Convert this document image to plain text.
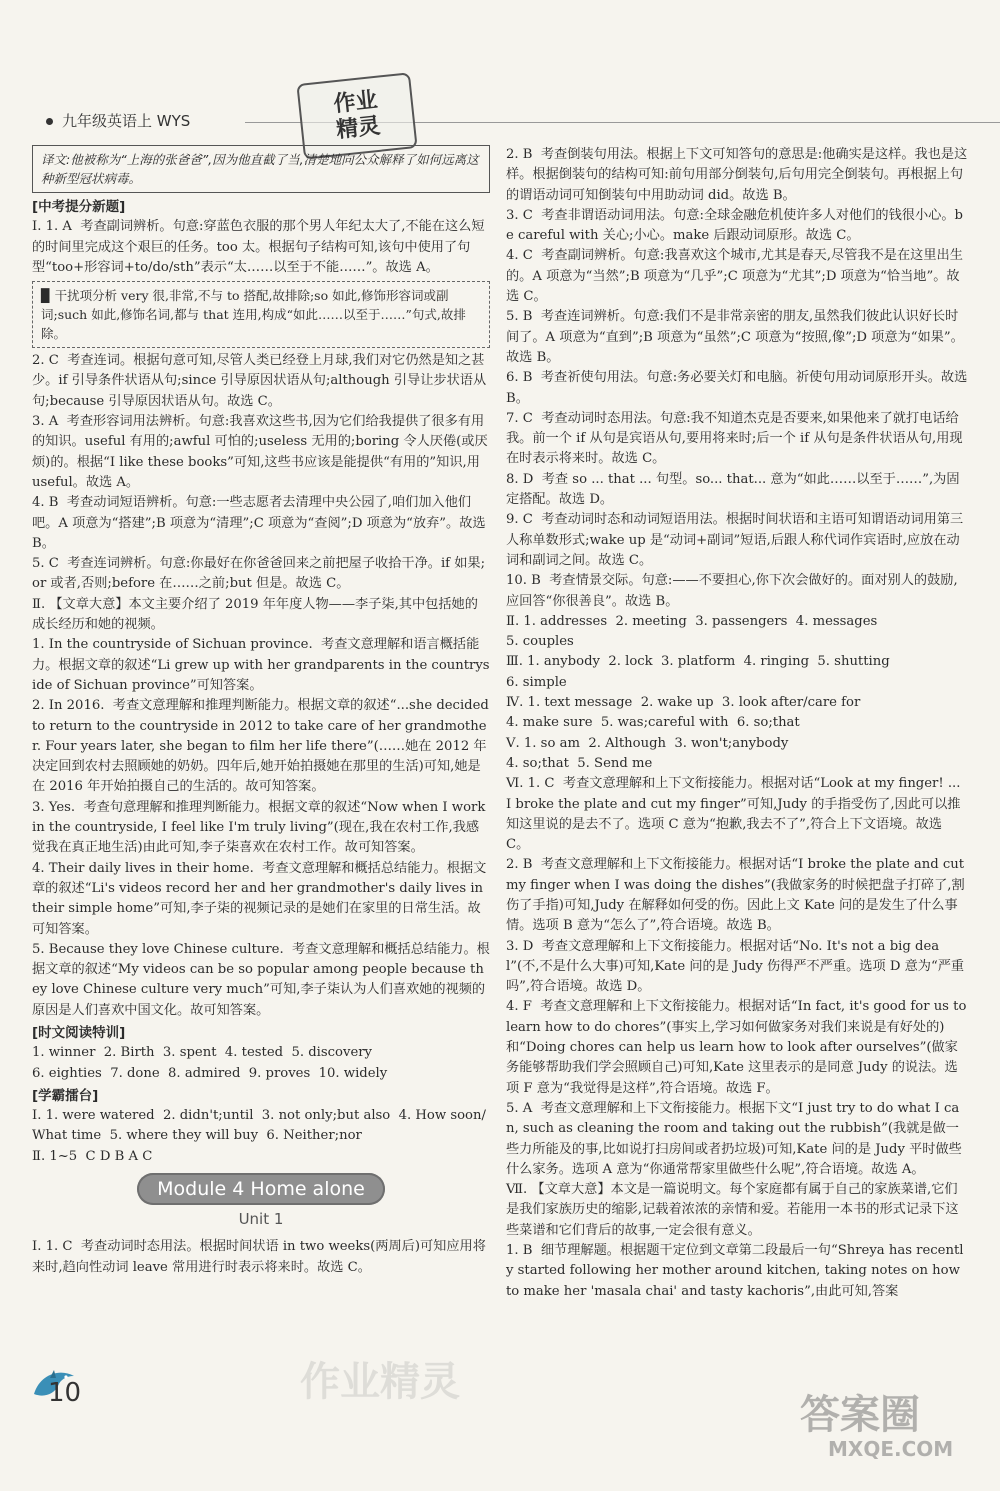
九年级英语上 WYS
作业
精灵

译文:他被称为“上海的张爸爸”,因为他直截了当,清楚地向公众解释了如何远离这种新型冠状病毒。

[中考提分新题]

Ⅰ. 1. A  考查副词辨析。句意:穿蓝色衣服的那个男人年纪太大了,不能在这么短的时间里完成这个艰巨的任务。too 太。根据句子结构可知,该句中使用了句型“too+形容词+to/do/sth”表示“太……以至于不能……”。故选 A。

▉ 干扰项分析 very 很,非常,不与 to 搭配,故排除;so 如此,修饰形容词或副词;such 如此,修饰名词,都与 that 连用,构成“如此……以至于……”句式,故排除。

2. C  考查连词。根据句意可知,尽管人类已经登上月球,我们对它仍然是知之甚少。if 引导条件状语从句;since 引导原因状语从句;although 引导让步状语从句;because 引导原因状语从句。故选 C。

3. A  考查形容词用法辨析。句意:我喜欢这些书,因为它们给我提供了很多有用的知识。useful 有用的;awful 可怕的;useless 无用的;boring 令人厌倦(或厌烦)的。根据“I like these books”可知,这些书应该是能提供“有用的”知识,用 useful。故选 A。

4. B  考查动词短语辨析。句意:一些志愿者去清理中央公园了,咱们加入他们吧。A 项意为“搭建”;B 项意为“清理”;C 项意为“查阅”;D 项意为“放弃”。故选 B。

5. C  考查连词辨析。句意:你最好在你爸爸回来之前把屋子收拾干净。if 如果;or 或者,否则;before 在……之前;but 但是。故选 C。

Ⅱ. 【文章大意】本文主要介绍了 2019 年年度人物——李子柒,其中包括她的成长经历和她的视频。

1. In the countryside of Sichuan province.  考查文意理解和语言概括能力。根据文章的叙述“Li grew up with her grandparents in the countryside of Sichuan province”可知答案。

2. In 2016.  考查文意理解和推理判断能力。根据文章的叙述“...she decided to return to the countryside in 2012 to take care of her grandmother. Four years later, she began to film her life there”(……她在 2012 年决定回到农村去照顾她的奶奶。四年后,她开始拍摄她在那里的生活)可知,她是在 2016 年开始拍摄自己的生活的。故可知答案。

3. Yes.  考查句意理解和推理判断能力。根据文章的叙述“Now when I work in the countryside, I feel like I'm truly living”(现在,我在农村工作,我感觉我在真正地生活)由此可知,李子柒喜欢在农村工作。故可知答案。

4. Their daily lives in their home.  考查文意理解和概括总结能力。根据文章的叙述“Li's videos record her and her grandmother's daily lives in their simple home”可知,李子柒的视频记录的是她们在家里的日常生活。故可知答案。

5. Because they love Chinese culture.  考查文意理解和概括总结能力。根据文章的叙述“My videos can be so popular among people because they love Chinese culture very much”可知,李子柒认为人们喜欢她的视频的原因是人们喜欢中国文化。故可知答案。

[时文阅读特训]

1. winner  2. Birth  3. spent  4. tested  5. discovery

6. eighties  7. done  8. admired  9. proves  10. widely

[学霸擂台]

Ⅰ. 1. were watered  2. didn't;until  3. not only;but also  4. How soon/What time  5. where they will buy  6. Neither;nor

Ⅱ. 1~5  C D B A C

Module 4 Home alone
Unit 1

Ⅰ. 1. C  考查动词时态用法。根据时间状语 in two weeks(两周后)可知应用将来时,趋向性动词 leave 常用进行时表示将来时。故选 C。

2. B  考查倒装句用法。根据上下文可知答句的意思是:他确实是这样。我也是这样。根据倒装句的结构可知:前句用部分倒装句,后句用完全倒装句。再根据上句的谓语动词可知倒装句中用助动词 did。故选 B。

3. C  考查非谓语动词用法。句意:全球金融危机使许多人对他们的钱很小心。be careful with 关心;小心。make 后跟动词原形。故选 C。

4. C  考查副词辨析。句意:我喜欢这个城市,尤其是春天,尽管我不是在这里出生的。A 项意为“当然”;B 项意为“几乎”;C 项意为“尤其”;D 项意为“恰当地”。故选 C。

5. B  考查连词辨析。句意:我们不是非常亲密的朋友,虽然我们彼此认识好长时间了。A 项意为“直到”;B 项意为“虽然”;C 项意为“按照,像”;D 项意为“如果”。故选 B。

6. B  考查祈使句用法。句意:务必要关灯和电脑。祈使句用动词原形开头。故选 B。

7. C  考查动词时态用法。句意:我不知道杰克是否要来,如果他来了就打电话给我。前一个 if 从句是宾语从句,要用将来时;后一个 if 从句是条件状语从句,用现在时表示将来时。故选 C。

8. D  考查 so ... that ... 句型。so... that... 意为“如此……以至于……”,为固定搭配。故选 D。

9. C  考查动词时态和动词短语用法。根据时间状语和主语可知谓语动词用第三人称单数形式;wake up 是“动词+副词”短语,后跟人称代词作宾语时,应放在动词和副词之间。故选 C。

10. B  考查情景交际。句意:——不要担心,你下次会做好的。面对别人的鼓励,应回答“你很善良”。故选 B。

Ⅱ. 1. addresses  2. meeting  3. passengers  4. messages

5. couples

Ⅲ. 1. anybody  2. lock  3. platform  4. ringing  5. shutting

6. simple

Ⅳ. 1. text message  2. wake up  3. look after/care for

4. make sure  5. was;careful with  6. so;that

Ⅴ. 1. so am  2. Although  3. won't;anybody

4. so;that  5. Send me

Ⅵ. 1. C  考查文意理解和上下文衔接能力。根据对话“Look at my finger! ... I broke the plate and cut my finger”可知,Judy 的手指受伤了,因此可以推知这里说的是去不了。选项 C 意为“抱歉,我去不了”,符合上下文语境。故选 C。

2. B  考查文意理解和上下文衔接能力。根据对话“I broke the plate and cut my finger when I was doing the dishes”(我做家务的时候把盘子打碎了,割伤了手指)可知,Judy 在解释如何受的伤。因此上文 Kate 问的是发生了什么事情。选项 B 意为“怎么了”,符合语境。故选 B。

3. D  考查文意理解和上下文衔接能力。根据对话“No. It's not a big deal”(不,不是什么大事)可知,Kate 问的是 Judy 伤得严不严重。选项 D 意为“严重吗”,符合语境。故选 D。

4. F  考查文意理解和上下文衔接能力。根据对话“In fact, it's good for us to learn how to do chores”(事实上,学习如何做家务对我们来说是有好处的)和“Doing chores can help us learn how to look after ourselves”(做家务能够帮助我们学会照顾自己)可知,Kate 这里表示的是同意 Judy 的说法。选项 F 意为“我觉得是这样”,符合语境。故选 F。

5. A  考查文意理解和上下文衔接能力。根据下文“I just try to do what I can, such as cleaning the room and taking out the rubbish”(我就是做一些力所能及的事,比如说打扫房间或者扔垃圾)可知,Kate 问的是 Judy 平时做些什么家务。选项 A 意为“你通常帮家里做些什么呢”,符合语境。故选 A。

Ⅶ. 【文章大意】本文是一篇说明文。每个家庭都有属于自己的家族菜谱,它们是我们家族历史的缩影,记载着浓浓的亲情和爱。若能用一本书的形式记录下这些菜谱和它们背后的故事,一定会很有意义。

1. B  细节理解题。根据题干定位到文章第二段最后一句“Shreya has recently started following her mother around kitchen, taking notes on how to make her 'masala chai' and tasty kachoris”,由此可知,答案

10	作业精灵
答案圈
MXQE.COM
